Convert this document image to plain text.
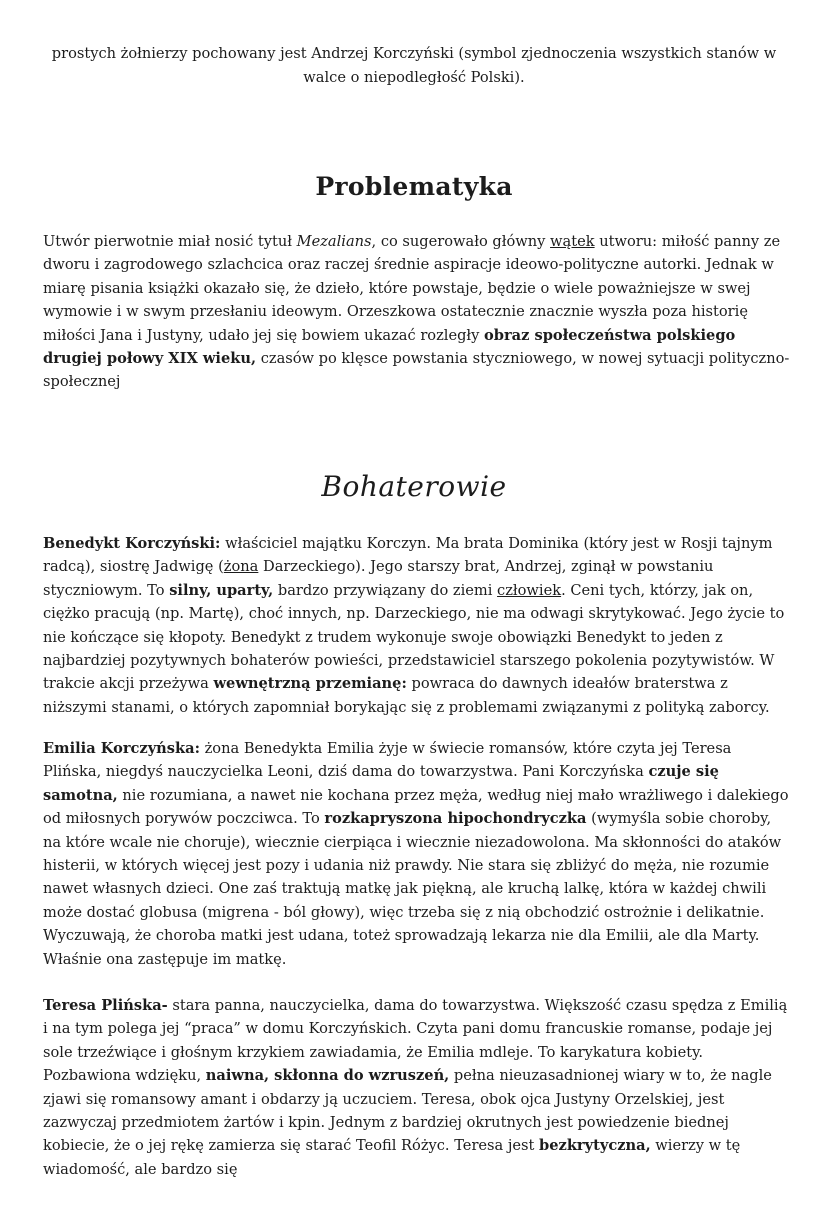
prostych żołnierzy pochowany jest Andrzej Korczyński (symbol zjednoczenia wszystkich stanów w walce o niepodległość Polski).
Problematyka

Utwór pierwotnie miał nosić tytuł Mezalians, co sugerowało główny wątek utworu: miłość panny ze dworu i zagrodowego szlachcica oraz raczej średnie aspiracje ideowo-polityczne autorki. Jednak w miarę pisania książki okazało się, że dzieło, które powstaje, będzie o wiele poważniejsze w swej wymowie i w swym przesłaniu ideowym. Orzeszkowa ostatecznie znacznie wyszła poza historię miłości Jana i Justyny, udało jej się bowiem ukazać rozległy obraz społeczeństwa polskiego drugiej połowy XIX wieku, czasów po klęsce powstania styczniowego, w nowej sytuacji polityczno-społecznej

Bohaterowie

Benedykt Korczyński: właściciel majątku Korczyn. Ma brata Dominika (który jest w Rosji tajnym radcą), siostrę Jadwigę (żona Darzeckiego). Jego starszy brat, Andrzej, zginął w powstaniu styczniowym. To silny, uparty, bardzo przywiązany do ziemi człowiek. Ceni tych, którzy, jak on, ciężko pracują (np. Martę), choć innych, np. Darzeckiego, nie ma odwagi skrytykować. Jego życie to nie kończące się kłopoty. Benedykt z trudem wykonuje swoje obowiązki Benedykt to jeden z najbardziej pozytywnych bohaterów powieści, przedstawiciel starszego pokolenia pozytywistów. W trakcie akcji przeżywa wewnętrzną przemianę: powraca do dawnych ideałów braterstwa z niższymi stanami, o których zapomniał borykając się z problemami związanymi z polityką zaborcy.

Emilia Korczyńska: żona Benedykta Emilia żyje w świecie romansów, które czyta jej Teresa Plińska, niegdyś nauczycielka Leoni, dziś dama do towarzystwa. Pani Korczyńska czuje się samotna, nie rozumiana, a nawet nie kochana przez męża, według niej mało wrażliwego i dalekiego od miłosnych porywów poczciwca. To rozkapryszona hipochondryczka (wymyśla sobie choroby, na które wcale nie choruje), wiecznie cierpiąca i wiecznie niezadowolona. Ma skłonności do ataków histerii, w których więcej jest pozy i udania niż prawdy. Nie stara się zbliżyć do męża, nie rozumie nawet własnych dzieci. One zaś traktują matkę jak piękną, ale kruchą lalkę, która w każdej chwili może dostać globusa (migrena - ból głowy), więc trzeba się z nią obchodzić ostrożnie i delikatnie. Wyczuwają, że choroba matki jest udana, toteż sprowadzają lekarza nie dla Emilii, ale dla Marty. Właśnie ona zastępuje im matkę.

Teresa Plińska- stara panna, nauczycielka, dama do towarzystwa. Większość czasu spędza z Emilią i na tym polega jej “praca” w domu Korczyńskich. Czyta pani domu francuskie romanse, podaje jej sole trzeźwiące i głośnym krzykiem zawiadamia, że Emilia mdleje. To karykatura kobiety. Pozbawiona wdzięku, naiwna, skłonna do wzruszeń, pełna nieuzasadnionej wiary w to, że nagle zjawi się romansowy amant i obdarzy ją uczuciem. Teresa, obok ojca Justyny Orzelskiej, jest zazwyczaj przedmiotem żartów i kpin. Jednym z bardziej okrutnych jest powiedzenie biednej kobiecie, że o jej rękę zamierza się starać Teofil Różyc. Teresa jest bezkrytyczna, wierzy w tę wiadomość, ale bardzo się
